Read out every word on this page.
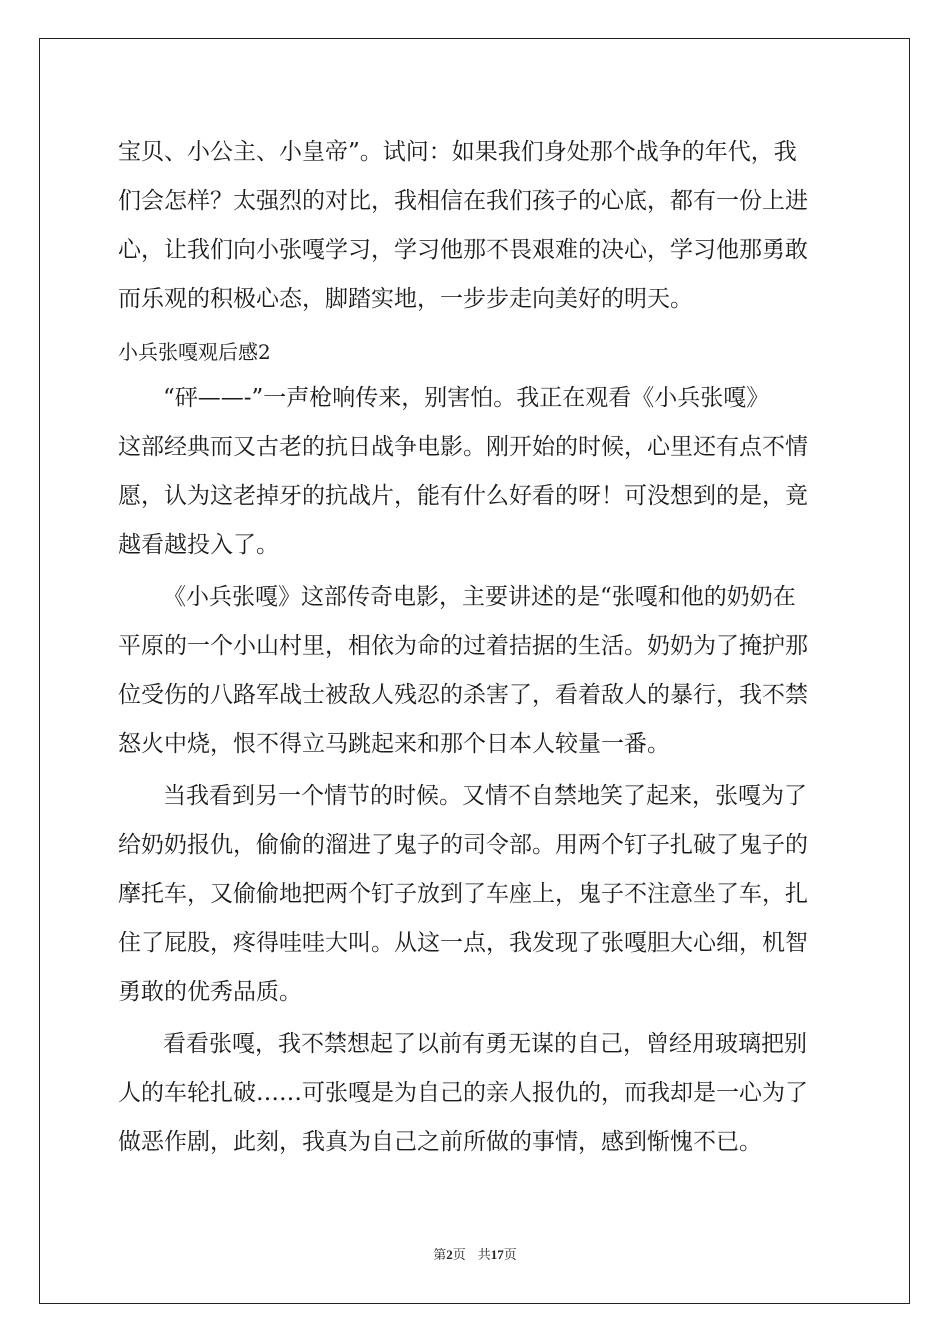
宝贝、小公主、小皇帝”。试问：如果我们身处那个战争的年代，我

们会怎样？太强烈的对比，我相信在我们孩子的心底，都有一份上进

心，让我们向小张嘎学习，学习他那不畏艰难的决心，学习他那勇敢

而乐观的积极心态，脚踏实地，一步步走向美好的明天。

小兵张嘎观后感2

“砰——-”一声枪响传来，别害怕。我正在观看《小兵张嘎》

这部经典而又古老的抗日战争电影。刚开始的时候，心里还有点不情

愿，认为这老掉牙的抗战片，能有什么好看的呀！可没想到的是，竟

越看越投入了。

《小兵张嘎》这部传奇电影，主要讲述的是“张嘎和他的奶奶在

平原的一个小山村里，相依为命的过着拮据的生活。奶奶为了掩护那

位受伤的八路军战士被敌人残忍的杀害了，看着敌人的暴行，我不禁

怒火中烧，恨不得立马跳起来和那个日本人较量一番。

当我看到另一个情节的时候。又情不自禁地笑了起来，张嘎为了

给奶奶报仇，偷偷的溜进了鬼子的司令部。用两个钉子扎破了鬼子的

摩托车，又偷偷地把两个钉子放到了车座上，鬼子不注意坐了车，扎

住了屁股，疼得哇哇大叫。从这一点，我发现了张嘎胆大心细，机智

勇敢的优秀品质。

看看张嘎，我不禁想起了以前有勇无谋的自己，曾经用玻璃把别

人的车轮扎破……可张嘎是为自己的亲人报仇的，而我却是一心为了

做恶作剧，此刻，我真为自己之前所做的事情，感到惭愧不已。

第2页 共17页
